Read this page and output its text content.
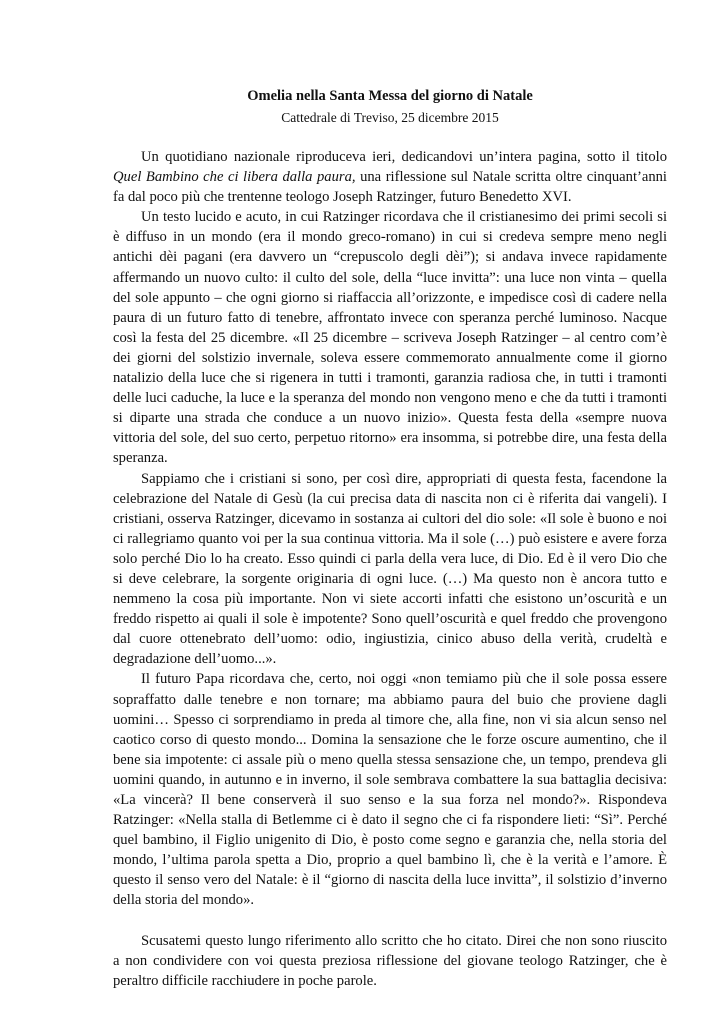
Omelia nella Santa Messa del giorno di Natale

Cattedrale di Treviso, 25 dicembre 2015

Un quotidiano nazionale riproduceva ieri, dedicandovi un’intera pagina, sotto il titolo Quel Bambino che ci libera dalla paura, una riflessione sul Natale scritta oltre cinquant’anni fa dal poco più che trentenne teologo Joseph Ratzinger, futuro Benedetto XVI.

Un testo lucido e acuto, in cui Ratzinger ricordava che il cristianesimo dei primi secoli si è diffuso in un mondo (era il mondo greco-romano) in cui si credeva sempre meno negli antichi dèi pagani (era davvero un “crepuscolo degli dèi”); si andava invece rapidamente affermando un nuovo culto: il culto del sole, della “luce invitta”: una luce non vinta – quella del sole appunto – che ogni giorno si riaffaccia all’orizzonte, e impedisce così di cadere nella paura di un futuro fatto di tenebre, affrontato invece con speranza perché luminoso. Nacque così la festa del 25 dicembre. «Il 25 dicembre – scriveva Joseph Ratzinger – al centro com’è dei giorni del solstizio invernale, soleva essere commemorato annualmente come il giorno natalizio della luce che si rigenera in tutti i tramonti, garanzia radiosa che, in tutti i tramonti delle luci caduche, la luce e la speranza del mondo non vengono meno e che da tutti i tramonti si diparte una strada che conduce a un nuovo inizio». Questa festa della «sempre nuova vittoria del sole, del suo certo, perpetuo ritorno» era insomma, si potrebbe dire, una festa della speranza.

Sappiamo che i cristiani si sono, per così dire, appropriati di questa festa, facendone la celebrazione del Natale di Gesù (la cui precisa data di nascita non ci è riferita dai vangeli). I cristiani, osserva Ratzinger, dicevamo in sostanza ai cultori del dio sole: «Il sole è buono e noi ci rallegriamo quanto voi per la sua continua vittoria. Ma il sole (…) può esistere e avere forza solo perché Dio lo ha creato. Esso quindi ci parla della vera luce, di Dio. Ed è il vero Dio che si deve celebrare, la sorgente originaria di ogni luce. (…) Ma questo non è ancora tutto e nemmeno la cosa più importante. Non vi siete accorti infatti che esistono un’oscurità e un freddo rispetto ai quali il sole è impotente? Sono quell’oscurità e quel freddo che provengono dal cuore ottenebrato dell’uomo: odio, ingiustizia, cinico abuso della verità, crudeltà e degradazione dell’uomo...».

Il futuro Papa ricordava che, certo, noi oggi «non temiamo più che il sole possa essere sopraffatto dalle tenebre e non tornare; ma abbiamo paura del buio che proviene dagli uomini… Spesso ci sorprendiamo in preda al timore che, alla fine, non vi sia alcun senso nel caotico corso di questo mondo... Domina la sensazione che le forze oscure aumentino, che il bene sia impotente: ci assale più o meno quella stessa sensazione che, un tempo, prendeva gli uomini quando, in autunno e in inverno, il sole sembrava combattere la sua battaglia decisiva: «La vincerà? Il bene conserverà il suo senso e la sua forza nel mondo?». Rispondeva Ratzinger: «Nella stalla di Betlemme ci è dato il segno che ci fa rispondere lieti: “Sì”. Perché quel bambino, il Figlio unigenito di Dio, è posto come segno e garanzia che, nella storia del mondo, l’ultima parola spetta a Dio, proprio a quel bambino lì, che è la verità e l’amore. È questo il senso vero del Natale: è il “giorno di nascita della luce invitta”, il solstizio d’inverno della storia del mondo».

Scusatemi questo lungo riferimento allo scritto che ho citato. Direi che non sono riuscito a non condividere con voi questa preziosa riflessione del giovane teologo Ratzinger, che è peraltro difficile racchiudere in poche parole.
